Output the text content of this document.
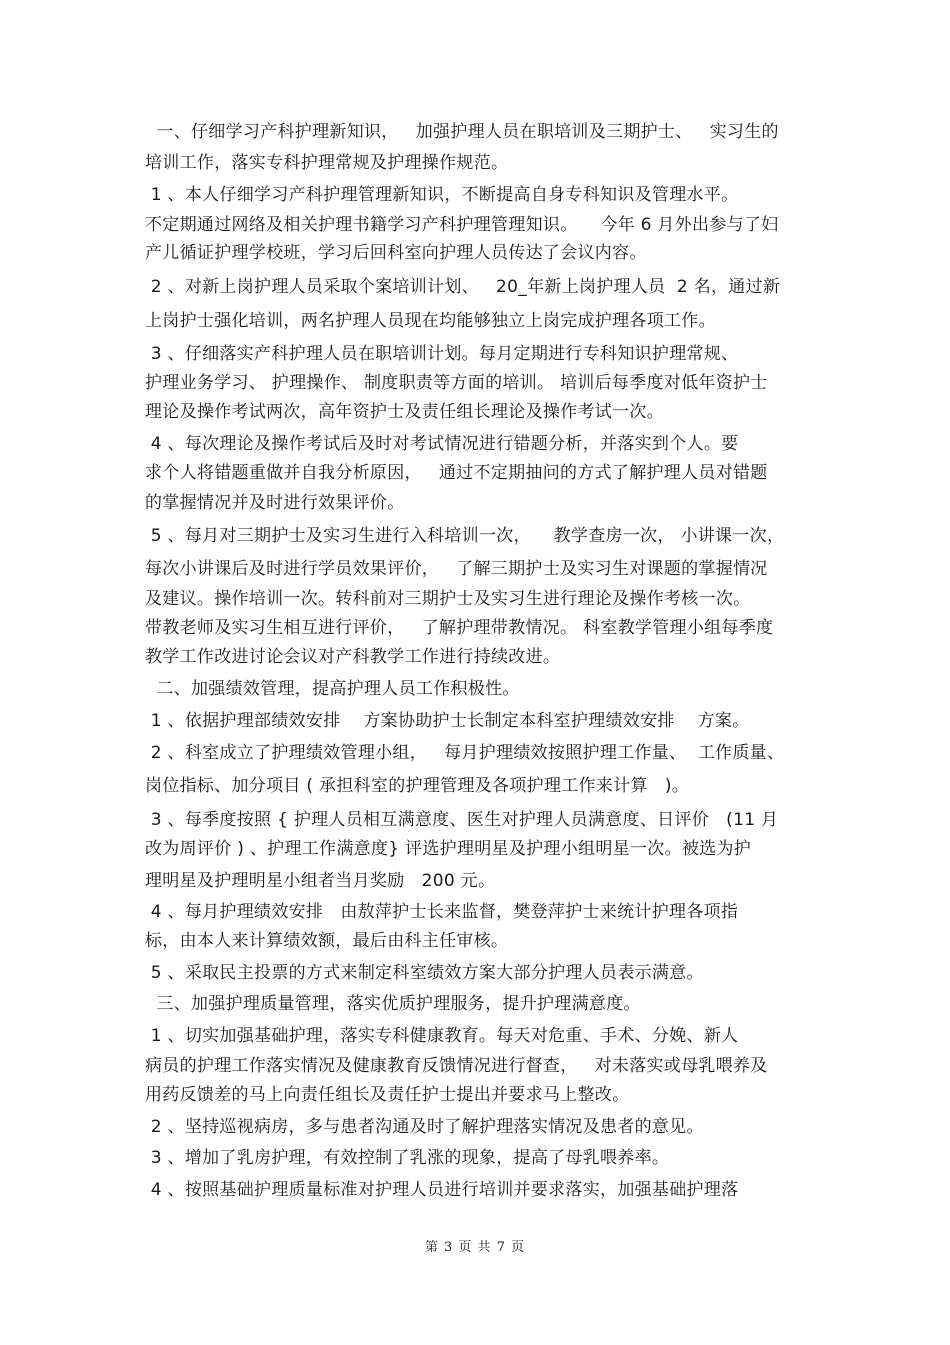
一、仔细学习产科护理新知识，   加强护理人员在职培训及三期护士、   实习生的
培训工作，落实专科护理常规及护理操作规范。
1 、本人仔细学习产科护理管理新知识，不断提高自身专科知识及管理水平。
不定期通过网络及相关护理书籍学习产科护理管理知识。    今年 6 月外出参与了妇
产儿循证护理学校班，学习后回科室向护理人员传达了会议内容。
2 、对新上岗护理人员采取个案培训计划、   20_年新上岗护理人员  2 名，通过新
上岗护士强化培训，两名护理人员现在均能够独立上岗完成护理各项工作。
3 、仔细落实产科护理人员在职培训计划。每月定期进行专科知识护理常规、
护理业务学习、 护理操作、 制度职责等方面的培训。 培训后每季度对低年资护士
理论及操作考试两次，高年资护士及责任组长理论及操作考试一次。
4 、每次理论及操作考试后及时对考试情况进行错题分析，并落实到个人。要
求个人将错题重做并自我分析原因，   通过不定期抽问的方式了解护理人员对错题
的掌握情况并及时进行效果评价。
5 、每月对三期护士及实习生进行入科培训一次，    教学查房一次， 小讲课一次，
每次小讲课后及时进行学员效果评价，   了解三期护士及实习生对课题的掌握情况
及建议。操作培训一次。转科前对三期护士及实习生进行理论及操作考核一次。
带教老师及实习生相互进行评价，   了解护理带教情况。 科室教学管理小组每季度
教学工作改进讨论会议对产科教学工作进行持续改进。
二、加强绩效管理，提高护理人员工作积极性。
1 、依据护理部绩效安排    方案协助护士长制定本科室护理绩效安排    方案。
2 、科室成立了护理绩效管理小组，   每月护理绩效按照护理工作量、  工作质量、
岗位指标、加分项目 ( 承担科室的护理管理及各项护理工作来计算   )。
3 、每季度按照 { 护理人员相互满意度、医生对护理人员满意度、日评价   (11 月
改为周评价 ) 、护理工作满意度} 评选护理明星及护理小组明星一次。被选为护
理明星及护理明星小组者当月奖励   200 元。
4 、每月护理绩效安排   由敖萍护士长来监督，樊登萍护士来统计护理各项指
标，由本人来计算绩效额，最后由科主任审核。
5 、采取民主投票的方式来制定科室绩效方案大部分护理人员表示满意。
三、加强护理质量管理，落实优质护理服务，提升护理满意度。
1 、切实加强基础护理，落实专科健康教育。每天对危重、手术、分娩、新人
病员的护理工作落实情况及健康教育反馈情况进行督查，   对未落实或母乳喂养及
用药反馈差的马上向责任组长及责任护士提出并要求马上整改。
2 、坚持巡视病房，多与患者沟通及时了解护理落实情况及患者的意见。
3 、增加了乳房护理，有效控制了乳涨的现象，提高了母乳喂养率。
4 、按照基础护理质量标准对护理人员进行培训并要求落实，加强基础护理落
第 3 页 共 7 页
